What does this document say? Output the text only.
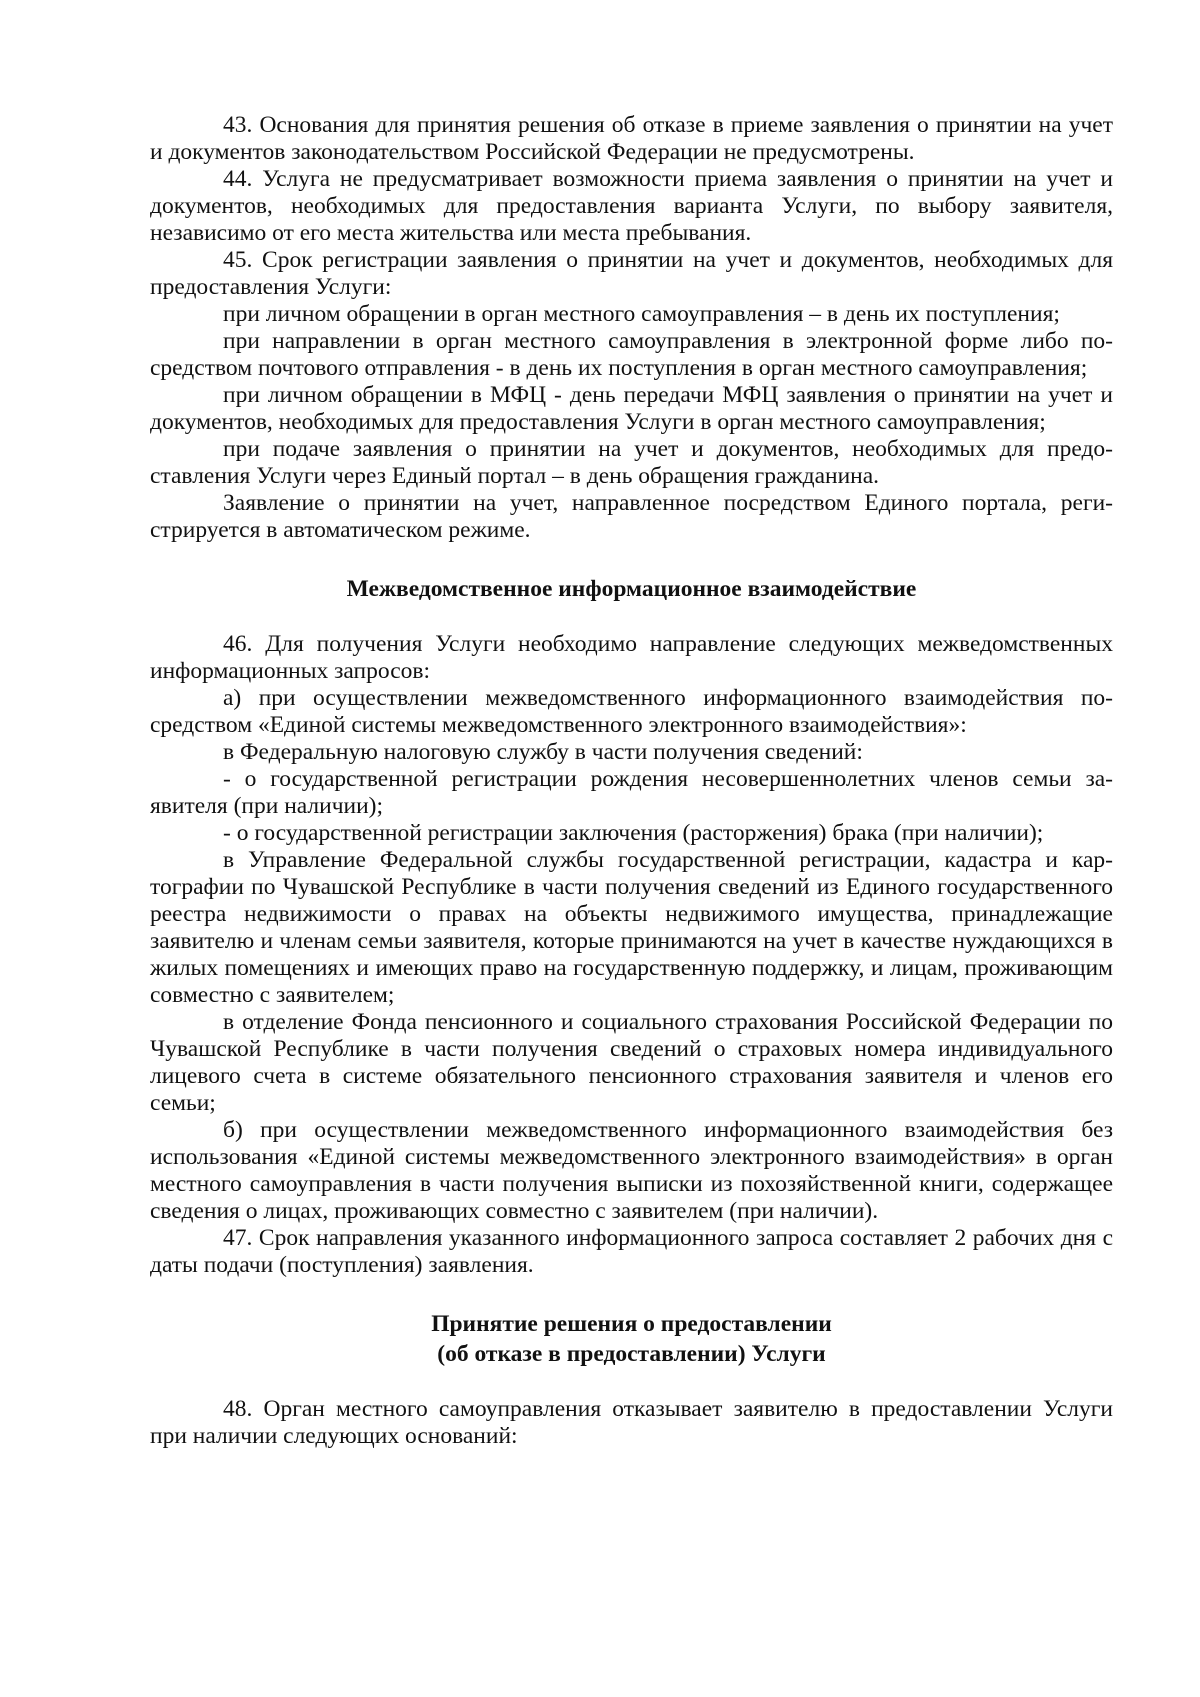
43. Основания для принятия решения об отказе в приеме заявления о принятии на учет и документов законодательством Российской Федерации не предусмотрены.

44. Услуга не предусматривает возможности приема заявления о принятии на учет и документов, необходимых для предоставления варианта Услуги, по выбору заявителя, независимо от его места жительства или места пребывания.

45. Срок регистрации заявления о принятии на учет и документов, необходимых для предоставления Услуги:

при личном обращении в орган местного самоуправления – в день их поступления;

при направлении в орган местного самоуправления в электронной форме либо посредством почтового отправления - в день их поступления в орган местного самоуправления;

при личном обращении в МФЦ - день передачи МФЦ заявления о принятии на учет и документов, необходимых для предоставления Услуги в орган местного самоуправления;

при подаче заявления о принятии на учет и документов, необходимых для предоставления Услуги через Единый портал – в день обращения гражданина.

Заявление о принятии на учет, направленное посредством Единого портала, регистрируется в автоматическом режиме.

Межведомственное информационное взаимодействие

46. Для получения Услуги необходимо направление следующих межведомственных информационных запросов:

а) при осуществлении межведомственного информационного взаимодействия посредством «Единой системы межведомственного электронного взаимодействия»:

в Федеральную налоговую службу в части получения сведений:

- о государственной регистрации рождения несовершеннолетних членов семьи заявителя (при наличии);

- о государственной регистрации заключения (расторжения) брака (при наличии);

в Управление Федеральной службы государственной регистрации, кадастра и картографии по Чувашской Республике в части получения сведений из Единого государственного реестра недвижимости о правах на объекты недвижимого имущества, принадлежащие заявителю и членам семьи заявителя, которые принимаются на учет в качестве нуждающихся в жилых помещениях и имеющих право на государственную поддержку, и лицам, проживающим совместно с заявителем;

в отделение Фонда пенсионного и социального страхования Российской Федерации по Чувашской Республике в части получения сведений о страховых номера индивидуального лицевого счета в системе обязательного пенсионного страхования заявителя и членов его семьи;

б) при осуществлении межведомственного информационного взаимодействия без использования «Единой системы межведомственного электронного взаимодействия» в орган местного самоуправления в части получения выписки из похозяйственной книги, содержащее сведения о лицах, проживающих совместно с заявителем (при наличии).

47. Срок направления указанного информационного запроса составляет 2 рабочих дня с даты подачи (поступления) заявления.

Принятие решения о предоставлении

(об отказе в предоставлении) Услуги

48. Орган местного самоуправления отказывает заявителю в предоставлении Услуги при наличии следующих оснований:
